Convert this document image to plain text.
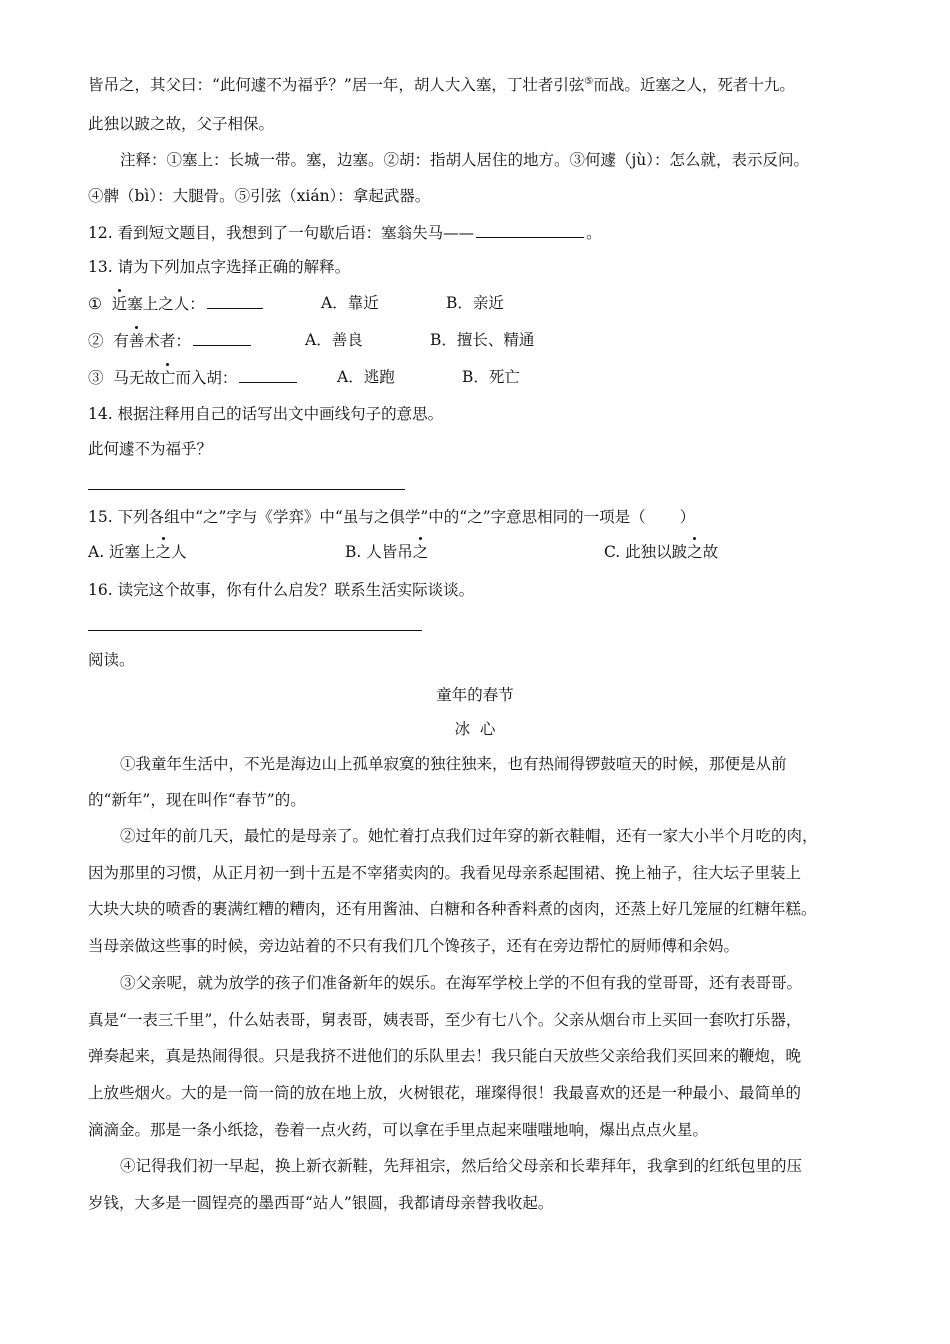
皆吊之，其父曰：“此何遽不为福乎？”居一年，胡人大入塞，丁壮者引弦⑤而战。近塞之人，死者十九。
此独以跛之故，父子相保。
注释：①塞上：长城一带。塞，边塞。②胡：指胡人居住的地方。③何遽（jù）：怎么就，表示反问。
④髀（bì）：大腿骨。⑤引弦（xián）：拿起武器。
12. 看到短文题目，我想到了一句歇后语：塞翁失马——	。
13. 请为下列加点字选择正确的解释。
① 近塞上之人：	A．靠近	B．亲近
② 有善术者：	A．善良	B．擅长、精通
③ 马无故亡而入胡：	A．逃跑	B．死亡
14. 根据注释用自己的话写出文中画线句子的意思。
此何遽不为福乎？
15. 下列各组中“之”字与《学弈》中“虽与之俱学”中的“之”字意思相同的一项是（ ）
A. 近塞上之人	B. 人皆吊之	C. 此独以跛之故
16. 读完这个故事，你有什么启发？联系生活实际谈谈。
阅读。
童年的春节
冰  心
①我童年生活中，不光是海边山上孤单寂寞的独往独来，也有热闹得锣鼓喧天的时候，那便是从前
的“新年”，现在叫作“春节”的。
②过年的前几天，最忙的是母亲了。她忙着打点我们过年穿的新衣鞋帽，还有一家大小半个月吃的肉，
因为那里的习惯，从正月初一到十五是不宰猪卖肉的。我看见母亲系起围裙、挽上袖子，往大坛子里装上
大块大块的喷香的裹满红糟的糟肉，还有用酱油、白糖和各种香料煮的卤肉，还蒸上好几笼屉的红糖年糕。
当母亲做这些事的时候，旁边站着的不只有我们几个馋孩子，还有在旁边帮忙的厨师傅和余妈。
③父亲呢，就为放学的孩子们准备新年的娱乐。在海军学校上学的不但有我的堂哥哥，还有表哥哥。
真是“一表三千里”，什么姑表哥，舅表哥，姨表哥，至少有七八个。父亲从烟台市上买回一套吹打乐器，
弹奏起来，真是热闹得很。只是我挤不进他们的乐队里去！我只能白天放些父亲给我们买回来的鞭炮，晚
上放些烟火。大的是一筒一筒的放在地上放，火树银花，璀璨得很！我最喜欢的还是一种最小、最简单的
滴滴金。那是一条小纸捻，卷着一点火药，可以拿在手里点起来嗤嗤地响，爆出点点火星。
④记得我们初一早起，换上新衣新鞋，先拜祖宗，然后给父母亲和长辈拜年，我拿到的红纸包里的压
岁钱，大多是一圆锃亮的墨西哥“站人”银圆，我都请母亲替我收起。
